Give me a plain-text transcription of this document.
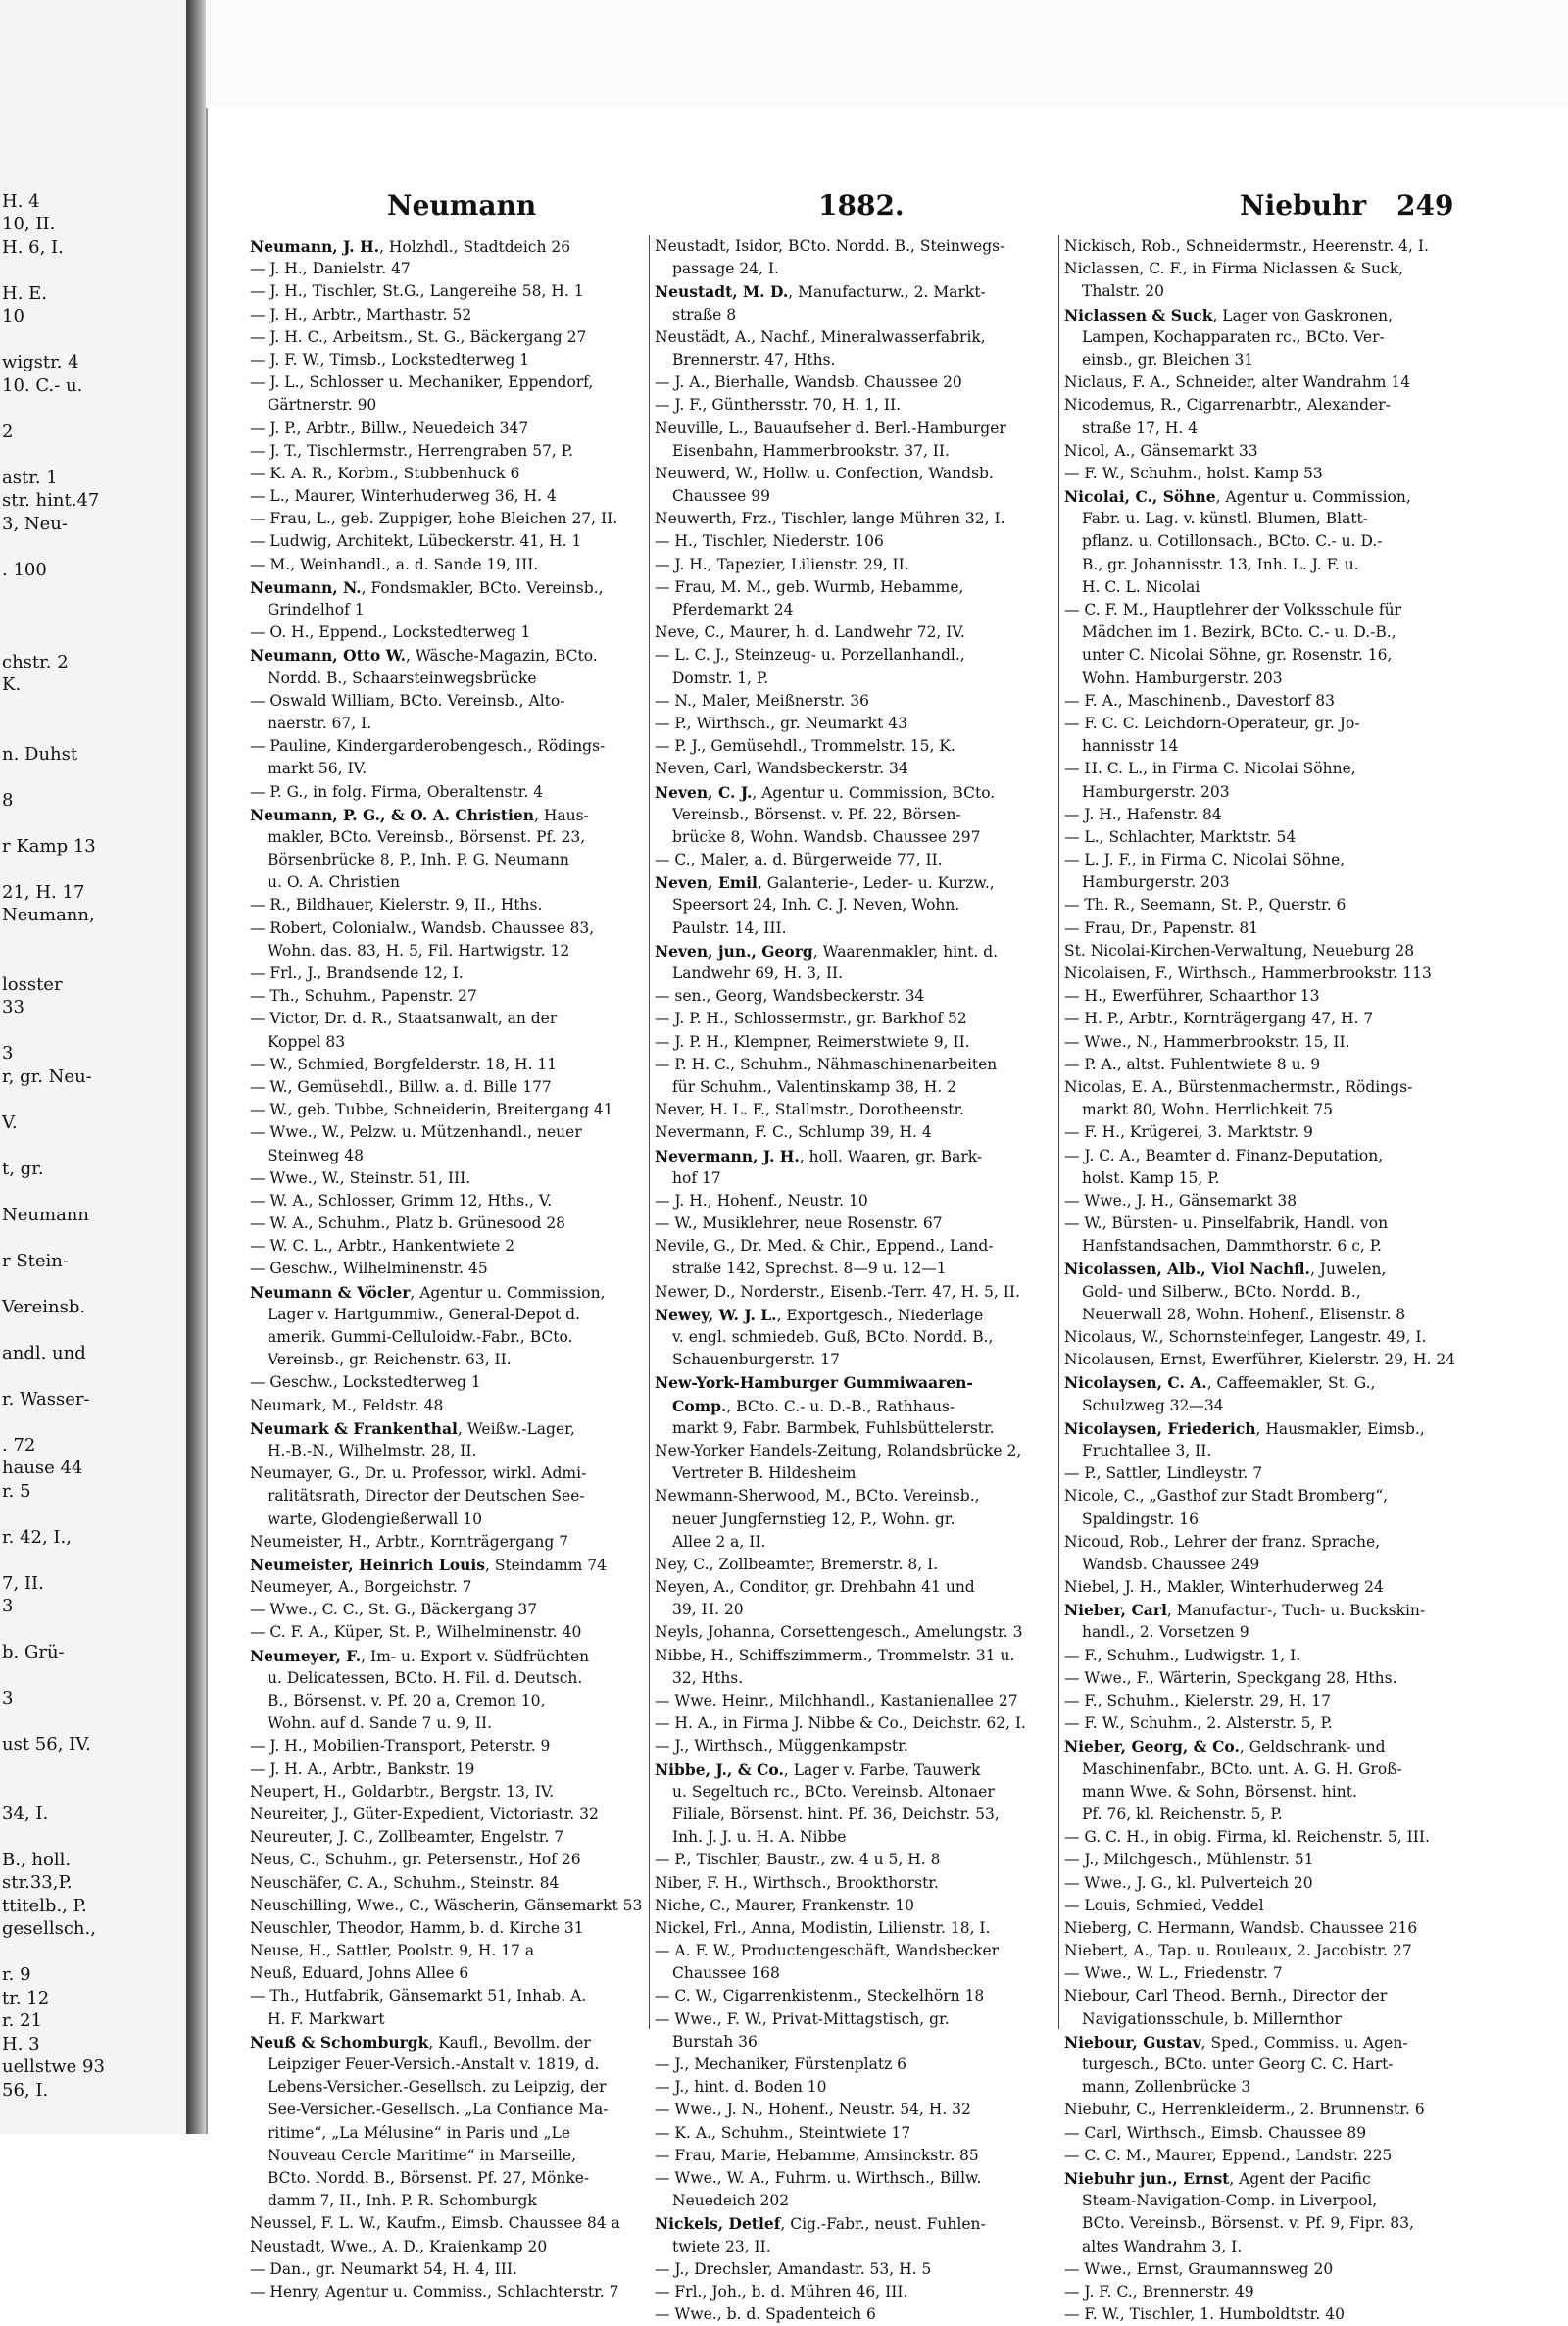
H. 4
10, II.
H. 6, I.
H. E.
10
wigstr. 4
10. C.- u.
2
astr. 1
str. hint.47
3, Neu-
. 100
chstr. 2
K.
n. Duhst
8
r Kamp 13
21, H. 17
Neumann,
losster
33
3
r, gr. Neu-
V.
t, gr.
Neumann
r Stein-
Vereinsb.
andl. und
r. Wasser-
. 72
hause 44
r. 5
r. 42, I.,
7, II.
3
b. Grü-
3
ust 56, IV.
34, I.
B., holl.
str.33,P.
ttitelb., P.
gesellsch.,
r. 9
tr. 12
r. 21
H. 3
uellstwe 93
56, I.
Neumann	1882.	Niebuhr 249
Neumann, J. H., Holzhdl., Stadtdeich 26
— J. H., Danielstr. 47
— J. H., Tischler, St.G., Langereihe 58, H. 1
— J. H., Arbtr., Marthastr. 52
— J. H. C., Arbeitsm., St. G., Bäckergang 27
— J. F. W., Timsb., Lockstedterweg 1
— J. L., Schlosser u. Mechaniker, Eppendorf,
Gärtnerstr. 90
— J. P., Arbtr., Billw., Neuedeich 347
— J. T., Tischlermstr., Herrengraben 57, P.
— K. A. R., Korbm., Stubbenhuck 6
— L., Maurer, Winterhuderweg 36, H. 4
— Frau, L., geb. Zuppiger, hohe Bleichen 27, II.
— Ludwig, Architekt, Lübeckerstr. 41, H. 1
— M., Weinhandl., a. d. Sande 19, III.
Neumann, N., Fondsmakler, BCto. Vereinsb.,
Grindelhof 1
— O. H., Eppend., Lockstedterweg 1
Neumann, Otto W., Wäsche-Magazin, BCto.
Nordd. B., Schaarsteinwegsbrücke
— Oswald William, BCto. Vereinsb., Alto-
naerstr. 67, I.
— Pauline, Kindergarderobengesch., Rödings-
markt 56, IV.
— P. G., in folg. Firma, Oberaltenstr. 4
Neumann, P. G., & O. A. Christien, Haus-
makler, BCto. Vereinsb., Börsenst. Pf. 23,
Börsenbrücke 8, P., Inh. P. G. Neumann
u. O. A. Christien
— R., Bildhauer, Kielerstr. 9, II., Hths.
— Robert, Colonialw., Wandsb. Chaussee 83,
Wohn. das. 83, H. 5, Fil. Hartwigstr. 12
— Frl., J., Brandsende 12, I.
— Th., Schuhm., Papenstr. 27
— Victor, Dr. d. R., Staatsanwalt, an der
Koppel 83
— W., Schmied, Borgfelderstr. 18, H. 11
— W., Gemüsehdl., Billw. a. d. Bille 177
— W., geb. Tubbe, Schneiderin, Breitergang 41
— Wwe., W., Pelzw. u. Mützenhandl., neuer
Steinweg 48
— Wwe., W., Steinstr. 51, III.
— W. A., Schlosser, Grimm 12, Hths., V.
— W. A., Schuhm., Platz b. Grünesood 28
— W. C. L., Arbtr., Hankentwiete 2
— Geschw., Wilhelminenstr. 45
Neumann & Vöcler, Agentur u. Commission,
Lager v. Hartgummiw., General-Depot d.
amerik. Gummi-Celluloidw.-Fabr., BCto.
Vereinsb., gr. Reichenstr. 63, II.
— Geschw., Lockstedterweg 1
Neumark, M., Feldstr. 48
Neumark & Frankenthal, Weißw.-Lager,
H.-B.-N., Wilhelmstr. 28, II.
Neumayer, G., Dr. u. Professor, wirkl. Admi-
ralitätsrath, Director der Deutschen See-
warte, Glodengießerwall 10
Neumeister, H., Arbtr., Kornträgergang 7
Neumeister, Heinrich Louis, Steindamm 74
Neumeyer, A., Borgeichstr. 7
— Wwe., C. C., St. G., Bäckergang 37
— C. F. A., Küper, St. P., Wilhelminenstr. 40
Neumeyer, F., Im- u. Export v. Südfrüchten
u. Delicatessen, BCto. H. Fil. d. Deutsch.
B., Börsenst. v. Pf. 20 a, Cremon 10,
Wohn. auf d. Sande 7 u. 9, II.
— J. H., Mobilien-Transport, Peterstr. 9
— J. H. A., Arbtr., Bankstr. 19
Neupert, H., Goldarbtr., Bergstr. 13, IV.
Neureiter, J., Güter-Expedient, Victoriastr. 32
Neureuter, J. C., Zollbeamter, Engelstr. 7
Neus, C., Schuhm., gr. Petersenstr., Hof 26
Neuschäfer, C. A., Schuhm., Steinstr. 84
Neuschilling, Wwe., C., Wäscherin, Gänsemarkt 53
Neuschler, Theodor, Hamm, b. d. Kirche 31
Neuse, H., Sattler, Poolstr. 9, H. 17 a
Neuß, Eduard, Johns Allee 6
— Th., Hutfabrik, Gänsemarkt 51, Inhab. A.
H. F. Markwart
Neuß & Schomburgk, Kaufl., Bevollm. der
Leipziger Feuer-Versich.-Anstalt v. 1819, d.
Lebens-Versicher.-Gesellsch. zu Leipzig, der
See-Versicher.-Gesellsch. „La Confiance Ma-
ritime“, „La Mélusine“ in Paris und „Le
Nouveau Cercle Maritime“ in Marseille,
BCto. Nordd. B., Börsenst. Pf. 27, Mönke-
damm 7, II., Inh. P. R. Schomburgk
Neussel, F. L. W., Kaufm., Eimsb. Chaussee 84 a
Neustadt, Wwe., A. D., Kraienkamp 20
— Dan., gr. Neumarkt 54, H. 4, III.
— Henry, Agentur u. Commiss., Schlachterstr. 7
Neustadt, Isidor, BCto. Nordd. B., Steinwegs-
passage 24, I.
Neustadt, M. D., Manufacturw., 2. Markt-
straße 8
Neustädt, A., Nachf., Mineralwasserfabrik,
Brennerstr. 47, Hths.
— J. A., Bierhalle, Wandsb. Chaussee 20
— J. F., Günthersstr. 70, H. 1, II.
Neuville, L., Bauaufseher d. Berl.-Hamburger
Eisenbahn, Hammerbrookstr. 37, II.
Neuwerd, W., Hollw. u. Confection, Wandsb.
Chaussee 99
Neuwerth, Frz., Tischler, lange Mühren 32, I.
— H., Tischler, Niederstr. 106
— J. H., Tapezier, Lilienstr. 29, II.
— Frau, M. M., geb. Wurmb, Hebamme,
Pferdemarkt 24
Neve, C., Maurer, h. d. Landwehr 72, IV.
— L. C. J., Steinzeug- u. Porzellanhandl.,
Domstr. 1, P.
— N., Maler, Meißnerstr. 36
— P., Wirthsch., gr. Neumarkt 43
— P. J., Gemüsehdl., Trommelstr. 15, K.
Neven, Carl, Wandsbeckerstr. 34
Neven, C. J., Agentur u. Commission, BCto.
Vereinsb., Börsenst. v. Pf. 22, Börsen-
brücke 8, Wohn. Wandsb. Chaussee 297
— C., Maler, a. d. Bürgerweide 77, II.
Neven, Emil, Galanterie-, Leder- u. Kurzw.,
Speersort 24, Inh. C. J. Neven, Wohn.
Paulstr. 14, III.
Neven, jun., Georg, Waarenmakler, hint. d.
Landwehr 69, H. 3, II.
— sen., Georg, Wandsbeckerstr. 34
— J. P. H., Schlossermstr., gr. Barkhof 52
— J. P. H., Klempner, Reimerstwiete 9, II.
— P. H. C., Schuhm., Nähmaschinenarbeiten
für Schuhm., Valentinskamp 38, H. 2
Never, H. L. F., Stallmstr., Dorotheenstr.
Nevermann, F. C., Schlump 39, H. 4
Nevermann, J. H., holl. Waaren, gr. Bark-
hof 17
— J. H., Hohenf., Neustr. 10
— W., Musiklehrer, neue Rosenstr. 67
Nevile, G., Dr. Med. & Chir., Eppend., Land-
straße 142, Sprechst. 8—9 u. 12—1
Newer, D., Norderstr., Eisenb.-Terr. 47, H. 5, II.
Newey, W. J. L., Exportgesch., Niederlage
v. engl. schmiedeb. Guß, BCto. Nordd. B.,
Schauenburgerstr. 17
New-York-Hamburger Gummiwaaren-
Comp., BCto. C.- u. D.-B., Rathhaus-
markt 9, Fabr. Barmbek, Fuhlsbüttelerstr.
New-Yorker Handels-Zeitung, Rolandsbrücke 2,
Vertreter B. Hildesheim
Newmann-Sherwood, M., BCto. Vereinsb.,
neuer Jungfernstieg 12, P., Wohn. gr.
Allee 2 a, II.
Ney, C., Zollbeamter, Bremerstr. 8, I.
Neyen, A., Conditor, gr. Drehbahn 41 und
39, H. 20
Neyls, Johanna, Corsettengesch., Amelungstr. 3
Nibbe, H., Schiffszimmerm., Trommelstr. 31 u.
32, Hths.
— Wwe. Heinr., Milchhandl., Kastanienallee 27
— H. A., in Firma J. Nibbe & Co., Deichstr. 62, I.
— J., Wirthsch., Müggenkampstr.
Nibbe, J., & Co., Lager v. Farbe, Tauwerk
u. Segeltuch rc., BCto. Vereinsb. Altonaer
Filiale, Börsenst. hint. Pf. 36, Deichstr. 53,
Inh. J. J. u. H. A. Nibbe
— P., Tischler, Baustr., zw. 4 u 5, H. 8
Niber, F. H., Wirthsch., Brookthorstr.
Niche, C., Maurer, Frankenstr. 10
Nickel, Frl., Anna, Modistin, Lilienstr. 18, I.
— A. F. W., Productengeschäft, Wandsbecker
Chaussee 168
— C. W., Cigarrenkistenm., Steckelhörn 18
— Wwe., F. W., Privat-Mittagstisch, gr.
Burstah 36
— J., Mechaniker, Fürstenplatz 6
— J., hint. d. Boden 10
— Wwe., J. N., Hohenf., Neustr. 54, H. 32
— K. A., Schuhm., Steintwiete 17
— Frau, Marie, Hebamme, Amsinckstr. 85
— Wwe., W. A., Fuhrm. u. Wirthsch., Billw.
Neuedeich 202
Nickels, Detlef, Cig.-Fabr., neust. Fuhlen-
twiete 23, II.
— J., Drechsler, Amandastr. 53, H. 5
— Frl., Joh., b. d. Mühren 46, III.
— Wwe., b. d. Spadenteich 6
Nickisch, Rob., Schneidermstr., Heerenstr. 4, I.
Niclassen, C. F., in Firma Niclassen & Suck,
Thalstr. 20
Niclassen & Suck, Lager von Gaskronen,
Lampen, Kochapparaten rc., BCto. Ver-
einsb., gr. Bleichen 31
Niclaus, F. A., Schneider, alter Wandrahm 14
Nicodemus, R., Cigarrenarbtr., Alexander-
straße 17, H. 4
Nicol, A., Gänsemarkt 33
— F. W., Schuhm., holst. Kamp 53
Nicolai, C., Söhne, Agentur u. Commission,
Fabr. u. Lag. v. künstl. Blumen, Blatt-
pflanz. u. Cotillonsach., BCto. C.- u. D.-
B., gr. Johannisstr. 13, Inh. L. J. F. u.
H. C. L. Nicolai
— C. F. M., Hauptlehrer der Volksschule für
Mädchen im 1. Bezirk, BCto. C.- u. D.-B.,
unter C. Nicolai Söhne, gr. Rosenstr. 16,
Wohn. Hamburgerstr. 203
— F. A., Maschinenb., Davestorf 83
— F. C. C. Leichdorn-Operateur, gr. Jo-
hannisstr 14
— H. C. L., in Firma C. Nicolai Söhne,
Hamburgerstr. 203
— J. H., Hafenstr. 84
— L., Schlachter, Marktstr. 54
— L. J. F., in Firma C. Nicolai Söhne,
Hamburgerstr. 203
— Th. R., Seemann, St. P., Querstr. 6
— Frau, Dr., Papenstr. 81
St. Nicolai-Kirchen-Verwaltung, Neueburg 28
Nicolaisen, F., Wirthsch., Hammerbrookstr. 113
— H., Ewerführer, Schaarthor 13
— H. P., Arbtr., Kornträgergang 47, H. 7
— Wwe., N., Hammerbrookstr. 15, II.
— P. A., altst. Fuhlentwiete 8 u. 9
Nicolas, E. A., Bürstenmachermstr., Rödings-
markt 80, Wohn. Herrlichkeit 75
— F. H., Krügerei, 3. Marktstr. 9
— J. C. A., Beamter d. Finanz-Deputation,
holst. Kamp 15, P.
— Wwe., J. H., Gänsemarkt 38
— W., Bürsten- u. Pinselfabrik, Handl. von
Hanfstandsachen, Dammthorstr. 6 c, P.
Nicolassen, Alb., Viol Nachfl., Juwelen,
Gold- und Silberw., BCto. Nordd. B.,
Neuerwall 28, Wohn. Hohenf., Elisenstr. 8
Nicolaus, W., Schornsteinfeger, Langestr. 49, I.
Nicolausen, Ernst, Ewerführer, Kielerstr. 29, H. 24
Nicolaysen, C. A., Caffeemakler, St. G.,
Schulzweg 32—34
Nicolaysen, Friederich, Hausmakler, Eimsb.,
Fruchtallee 3, II.
— P., Sattler, Lindleystr. 7
Nicole, C., „Gasthof zur Stadt Bromberg“,
Spaldingstr. 16
Nicoud, Rob., Lehrer der franz. Sprache,
Wandsb. Chaussee 249
Niebel, J. H., Makler, Winterhuderweg 24
Nieber, Carl, Manufactur-, Tuch- u. Buckskin-
handl., 2. Vorsetzen 9
— F., Schuhm., Ludwigstr. 1, I.
— Wwe., F., Wärterin, Speckgang 28, Hths.
— F., Schuhm., Kielerstr. 29, H. 17
— F. W., Schuhm., 2. Alsterstr. 5, P.
Nieber, Georg, & Co., Geldschrank- und
Maschinenfabr., BCto. unt. A. G. H. Groß-
mann Wwe. & Sohn, Börsenst. hint.
Pf. 76, kl. Reichenstr. 5, P.
— G. C. H., in obig. Firma, kl. Reichenstr. 5, III.
— J., Milchgesch., Mühlenstr. 51
— Wwe., J. G., kl. Pulverteich 20
— Louis, Schmied, Veddel
Nieberg, C. Hermann, Wandsb. Chaussee 216
Niebert, A., Tap. u. Rouleaux, 2. Jacobistr. 27
— Wwe., W. L., Friedenstr. 7
Niebour, Carl Theod. Bernh., Director der
Navigationsschule, b. Millernthor
Niebour, Gustav, Sped., Commiss. u. Agen-
turgesch., BCto. unter Georg C. C. Hart-
mann, Zollenbrücke 3
Niebuhr, C., Herrenkleiderm., 2. Brunnenstr. 6
— Carl, Wirthsch., Eimsb. Chaussee 89
— C. C. M., Maurer, Eppend., Landstr. 225
Niebuhr jun., Ernst, Agent der Pacific
Steam-Navigation-Comp. in Liverpool,
BCto. Vereinsb., Börsenst. v. Pf. 9, Fipr. 83,
altes Wandrahm 3, I.
— Wwe., Ernst, Graumannsweg 20
— J. F. C., Brennerstr. 49
— F. W., Tischler, 1. Humboldtstr. 40
